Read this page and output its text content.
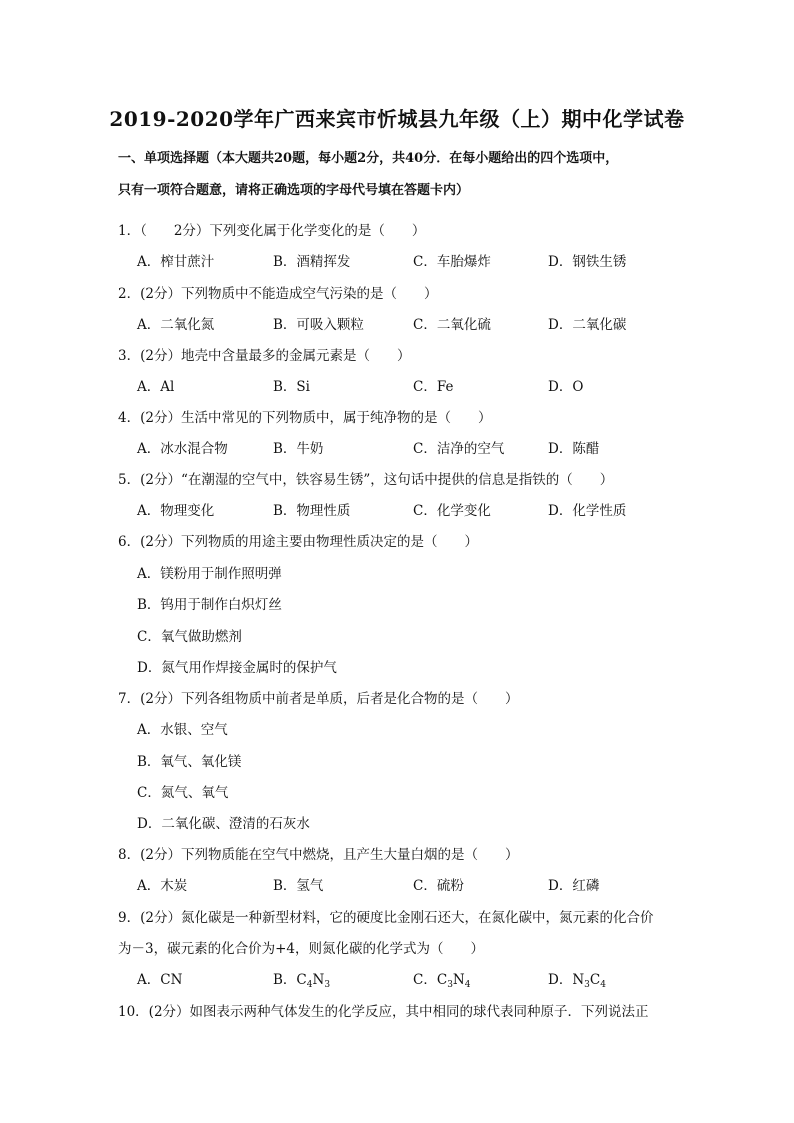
2019-2020学年广西来宾市忻城县九年级（上）期中化学试卷
一、单项选择题（本大题共20题，每小题2分，共40分．在每小题给出的四个选项中，
只有一项符合题意，请将正确选项的字母代号填在答题卡内）
1．（　　2分）下列变化属于化学变化的是（　　）
A．榨甘蔗汁	B．酒精挥发	C．车胎爆炸	D．钢铁生锈
2．(2分）下列物质中不能造成空气污染的是（　　）
A．二氧化氮	B．可吸入颗粒	C．二氧化硫	D．二氧化碳
3．(2分）地壳中含量最多的金属元素是（　　）
A．Al	B．Si	C．Fe	D．O
4．(2分）生活中常见的下列物质中，属于纯净物的是（　　）
A．冰水混合物	B．牛奶	C．洁净的空气	D．陈醋
5．(2分）“在潮湿的空气中，铁容易生锈”，这句话中提供的信息是指铁的（　　）
A．物理变化	B．物理性质	C．化学变化	D．化学性质
6．(2分）下列物质的用途主要由物理性质决定的是（　　）
A．镁粉用于制作照明弹
B．钨用于制作白炽灯丝
C．氧气做助燃剂
D．氮气用作焊接金属时的保护气
7．(2分）下列各组物质中前者是单质，后者是化合物的是（　　）
A．水银、空气
B．氧气、氧化镁
C．氮气、氧气
D．二氧化碳、澄清的石灰水
8．(2分）下列物质能在空气中燃烧，且产生大量白烟的是（　　）
A．木炭	B．氢气	C．硫粉	D．红磷
9．(2分）氮化碳是一种新型材料，它的硬度比金刚石还大，在氮化碳中，氮元素的化合价
为－3，碳元素的化合价为+4，则氮化碳的化学式为（　　）
A．CN	B．$C_4N_3$	C．$C_3N_4$	D．$N_3C_4$
10．(2分）如图表示两种气体发生的化学反应，其中相同的球代表同种原子．下列说法正
